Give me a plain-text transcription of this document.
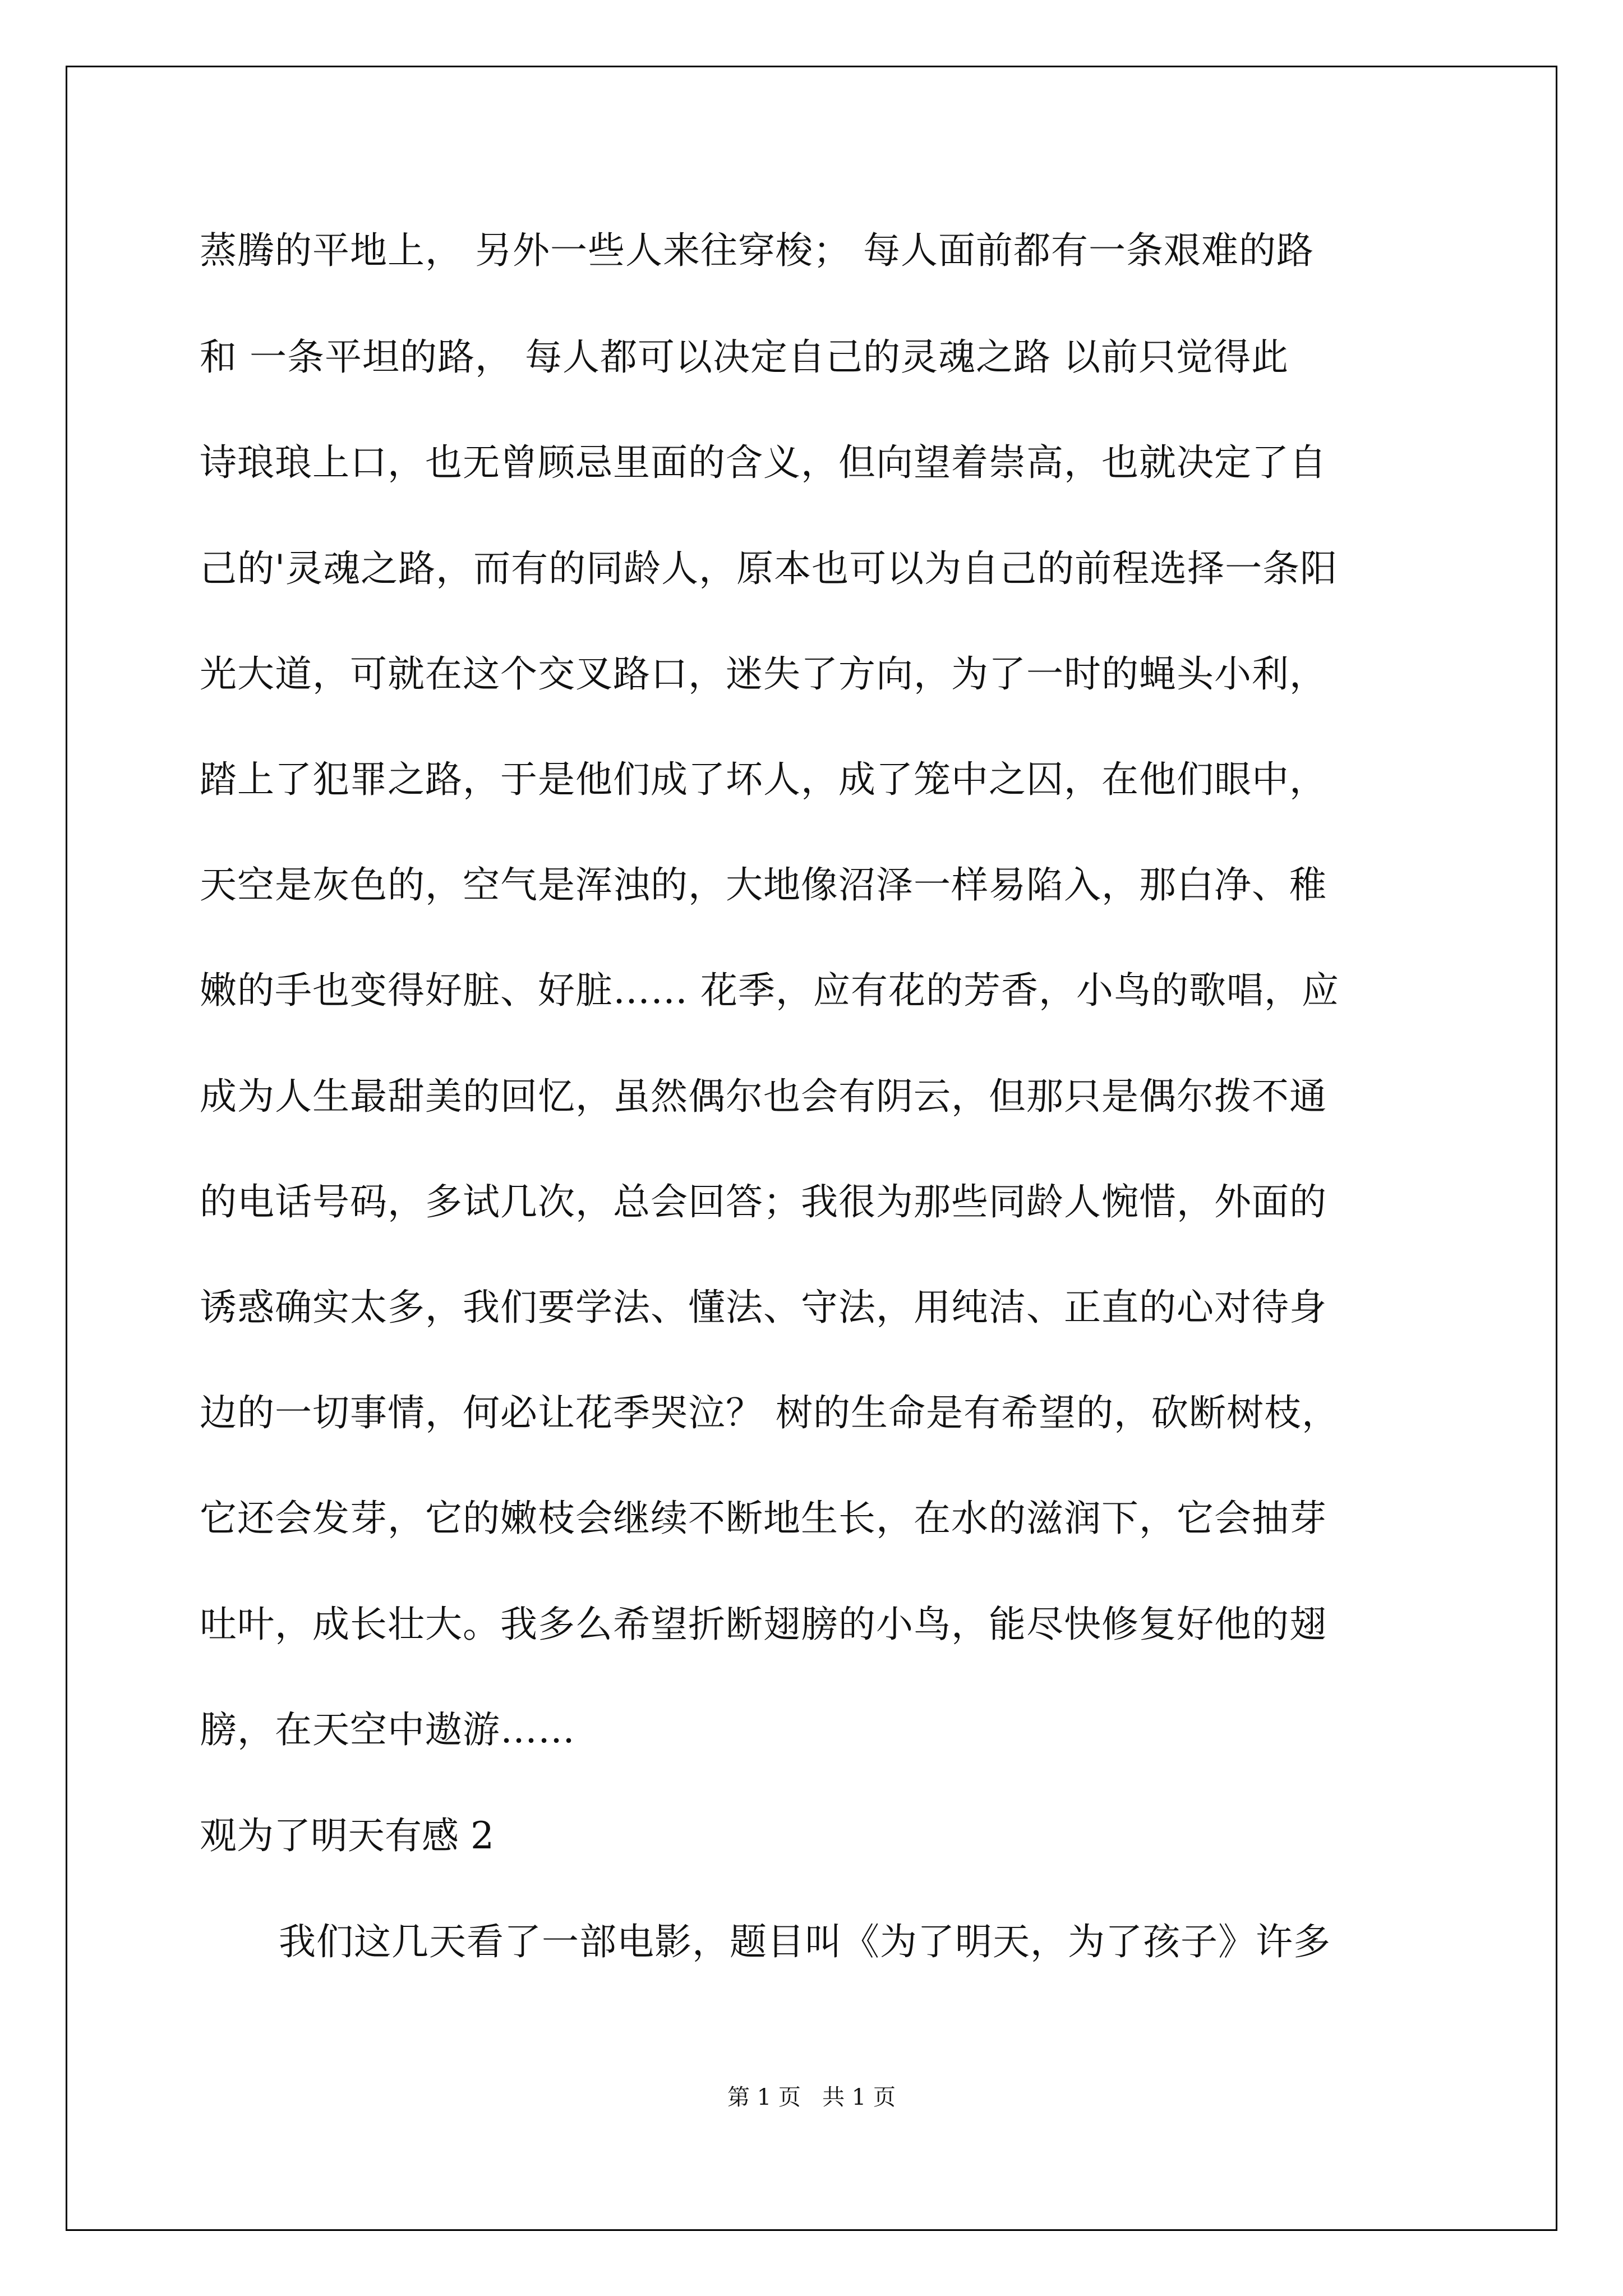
蒸腾的平地上， 另外一些人来往穿梭； 每人面前都有一条艰难的路
和 一条平坦的路， 每人都可以决定自己的灵魂之路 以前只觉得此
诗琅琅上口，也无曾顾忌里面的含义，但向望着崇高，也就决定了自
己的'灵魂之路，而有的同龄人，原本也可以为自己的前程选择一条阳
光大道，可就在这个交叉路口，迷失了方向，为了一时的蝇头小利，
踏上了犯罪之路，于是他们成了坏人，成了笼中之囚，在他们眼中，
天空是灰色的，空气是浑浊的，大地像沼泽一样易陷入，那白净、稚
嫩的手也变得好脏、好脏…… 花季，应有花的芳香，小鸟的歌唱，应
成为人生最甜美的回忆，虽然偶尔也会有阴云，但那只是偶尔拨不通
的电话号码，多试几次，总会回答；我很为那些同龄人惋惜，外面的
诱惑确实太多，我们要学法、懂法、守法，用纯洁、正直的心对待身
边的一切事情，何必让花季哭泣？ 树的生命是有希望的，砍断树枝，
它还会发芽，它的嫩枝会继续不断地生长，在水的滋润下，它会抽芽
吐叶，成长壮大。我多么希望折断翅膀的小鸟，能尽快修复好他的翅
膀，在天空中遨游……
观为了明天有感 2
我们这几天看了一部电影，题目叫《为了明天，为了孩子》许多
第 1 页   共 1 页
